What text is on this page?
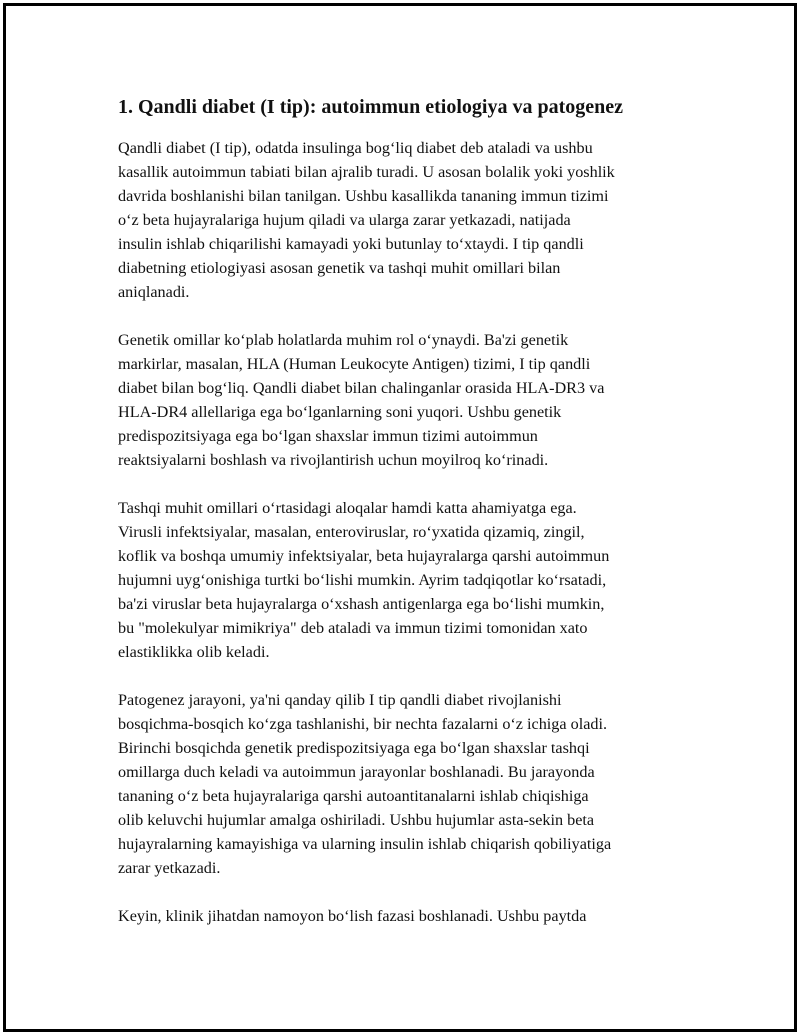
1. Qandli diabet (I tip): autoimmun etiologiya va patogenez

Qandli diabet (I tip), odatda insulinga bog‘liq diabet deb ataladi va ushbu
kasallik autoimmun tabiati bilan ajralib turadi. U asosan bolalik yoki yoshlik
davrida boshlanishi bilan tanilgan. Ushbu kasallikda tananing immun tizimi
o‘z beta hujayralariga hujum qiladi va ularga zarar yetkazadi, natijada
insulin ishlab chiqarilishi kamayadi yoki butunlay to‘xtaydi. I tip qandli
diabetning etiologiyasi asosan genetik va tashqi muhit omillari bilan
aniqlanadi.

Genetik omillar ko‘plab holatlarda muhim rol o‘ynaydi. Ba'zi genetik
markirlar, masalan, HLA (Human Leukocyte Antigen) tizimi, I tip qandli
diabet bilan bog‘liq. Qandli diabet bilan chalinganlar orasida HLA-DR3 va
HLA-DR4 allellariga ega bo‘lganlarning soni yuqori. Ushbu genetik
predispozitsiyaga ega bo‘lgan shaxslar immun tizimi autoimmun
reaktsiyalarni boshlash va rivojlantirish uchun moyilroq ko‘rinadi.

Tashqi muhit omillari o‘rtasidagi aloqalar hamdi katta ahamiyatga ega.
Virusli infektsiyalar, masalan, enteroviruslar, ro‘yxatida qizamiq, zingil,
koflik va boshqa umumiy infektsiyalar, beta hujayralarga qarshi autoimmun
hujumni uyg‘onishiga turtki bo‘lishi mumkin. Ayrim tadqiqotlar ko‘rsatadi,
ba'zi viruslar beta hujayralarga o‘xshash antigenlarga ega bo‘lishi mumkin,
bu "molekulyar mimikriya" deb ataladi va immun tizimi tomonidan xato
elastiklikka olib keladi.

Patogenez jarayoni, ya'ni qanday qilib I tip qandli diabet rivojlanishi
bosqichma-bosqich ko‘zga tashlanishi, bir nechta fazalarni o‘z ichiga oladi.
Birinchi bosqichda genetik predispozitsiyaga ega bo‘lgan shaxslar tashqi
omillarga duch keladi va autoimmun jarayonlar boshlanadi. Bu jarayonda
tananing o‘z beta hujayralariga qarshi autoantitanalarni ishlab chiqishiga
olib keluvchi hujumlar amalga oshiriladi. Ushbu hujumlar asta-sekin beta
hujayralarning kamayishiga va ularning insulin ishlab chiqarish qobiliyatiga
zarar yetkazadi.

Keyin, klinik jihatdan namoyon bo‘lish fazasi boshlanadi. Ushbu paytda
